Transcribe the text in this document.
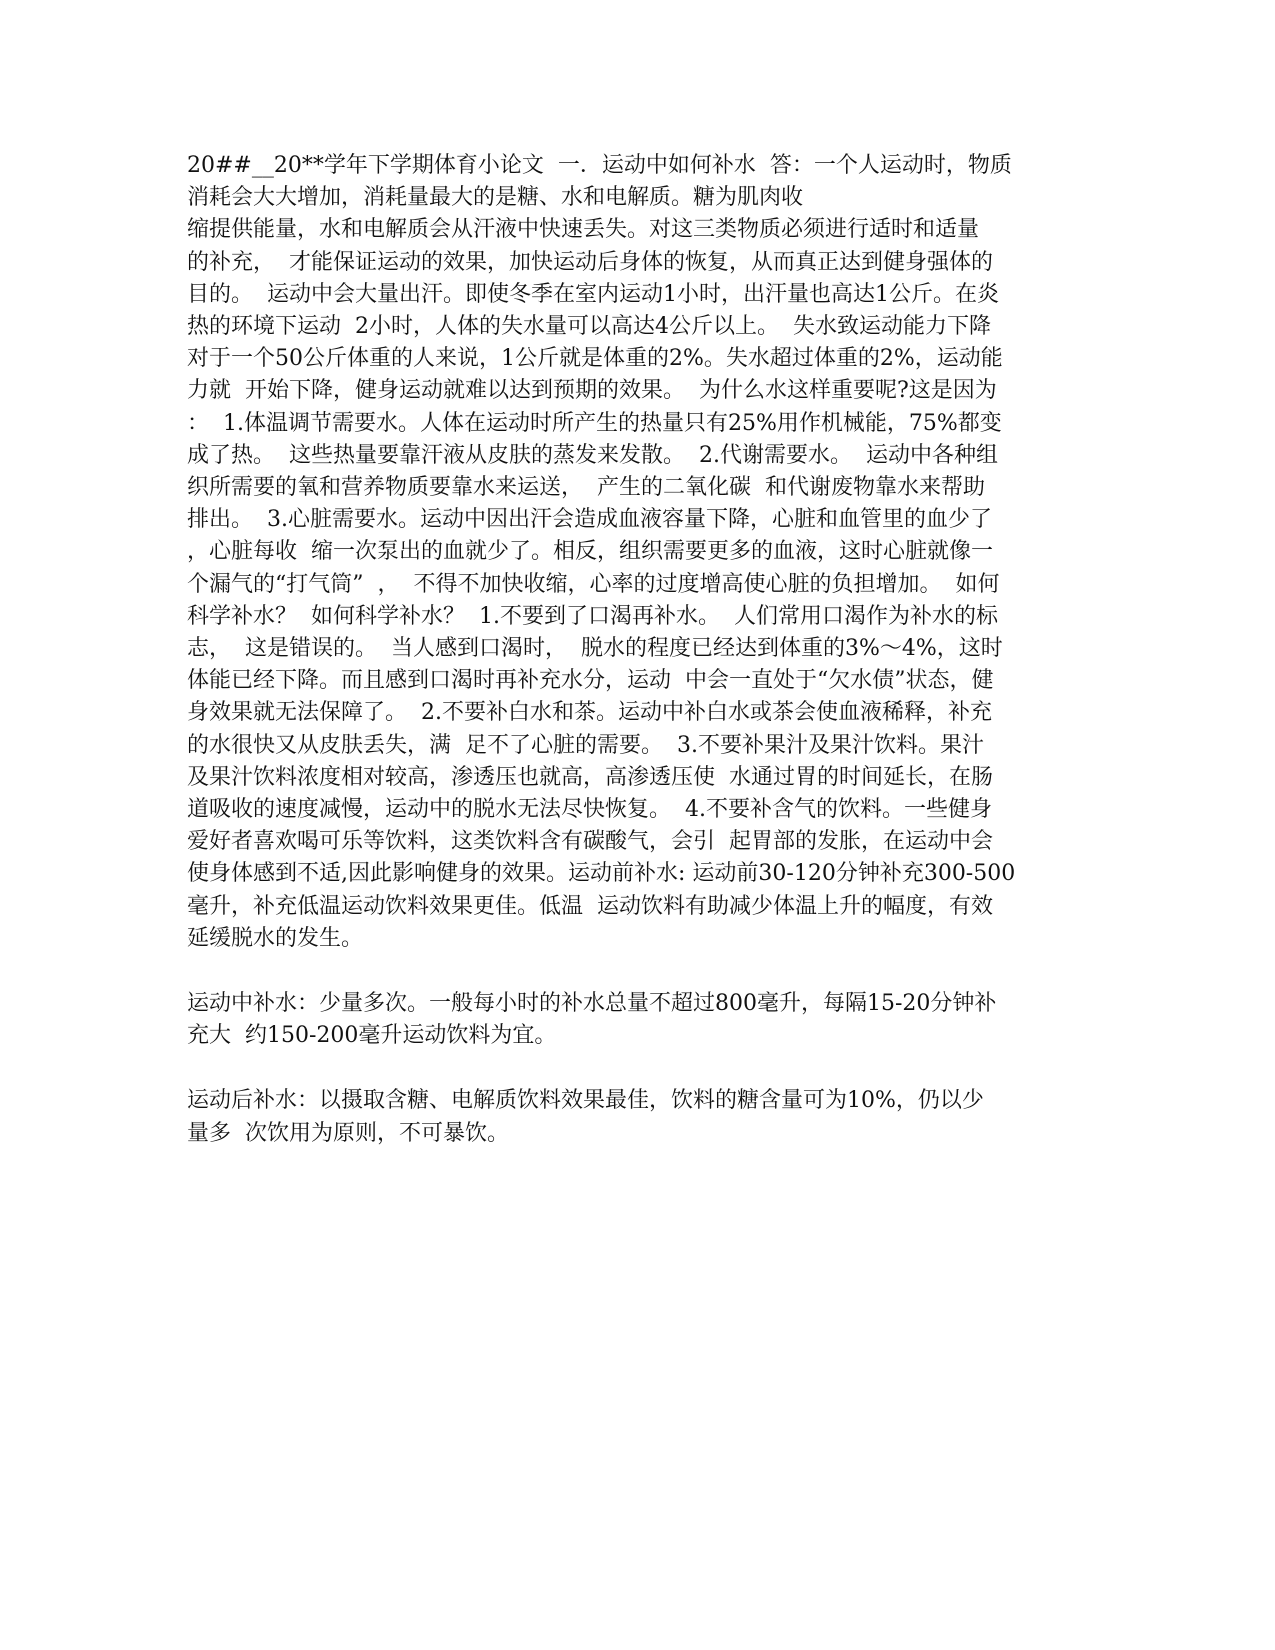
20##__20**学年下学期体育小论文  一．运动中如何补水  答：一个人运动时，物质
消耗会大大增加，消耗量最大的是糖、水和电解质。糖为肌肉收
缩提供能量，水和电解质会从汗液中快速丢失。对这三类物质必须进行适时和适量
的补充，  才能保证运动的效果，加快运动后身体的恢复，从而真正达到健身强体的
目的。  运动中会大量出汗。即使冬季在室内运动1小时，出汗量也高达1公斤。在炎
热的环境下运动  2小时，人体的失水量可以高达4公斤以上。  失水致运动能力下降
对于一个50公斤体重的人来说，1公斤就是体重的2%。失水超过体重的2%，运动能
力就  开始下降，健身运动就难以达到预期的效果。  为什么水这样重要呢?这是因为
：  1.体温调节需要水。人体在运动时所产生的热量只有25%用作机械能，75%都变
成了热。  这些热量要靠汗液从皮肤的蒸发来发散。  2.代谢需要水。  运动中各种组
织所需要的氧和营养物质要靠水来运送，  产生的二氧化碳  和代谢废物靠水来帮助
排出。  3.心脏需要水。运动中因出汗会造成血液容量下降，心脏和血管里的血少了
，心脏每收  缩一次泵出的血就少了。相反，组织需要更多的血液，这时心脏就像一
个漏气的“打气筒”  ，  不得不加快收缩，心率的过度增高使心脏的负担增加。  如何
科学补水？  如何科学补水？  1.不要到了口渴再补水。  人们常用口渴作为补水的标
志，  这是错误的。  当人感到口渴时，  脱水的程度已经达到体重的3%～4%，这时
体能已经下降。而且感到口渴时再补充水分，运动  中会一直处于“欠水债”状态，健
身效果就无法保障了。  2.不要补白水和茶。运动中补白水或茶会使血液稀释，补充
的水很快又从皮肤丢失，满  足不了心脏的需要。  3.不要补果汁及果汁饮料。果汁
及果汁饮料浓度相对较高，渗透压也就高，高渗透压使  水通过胃的时间延长，在肠
道吸收的速度减慢，运动中的脱水无法尽快恢复。  4.不要补含气的饮料。一些健身
爱好者喜欢喝可乐等饮料，这类饮料含有碳酸气，会引  起胃部的发胀，在运动中会
使身体感到不适,因此影响健身的效果。运动前补水: 运动前30-120分钟补充300-500
毫升，补充低温运动饮料效果更佳。低温  运动饮料有助减少体温上升的幅度，有效
延缓脱水的发生。
运动中补水：少量多次。一般每小时的补水总量不超过800毫升，每隔15-20分钟补
充大  约150-200毫升运动饮料为宜。
运动后补水：以摄取含糖、电解质饮料效果最佳，饮料的糖含量可为10%，仍以少
量多  次饮用为原则，不可暴饮。
